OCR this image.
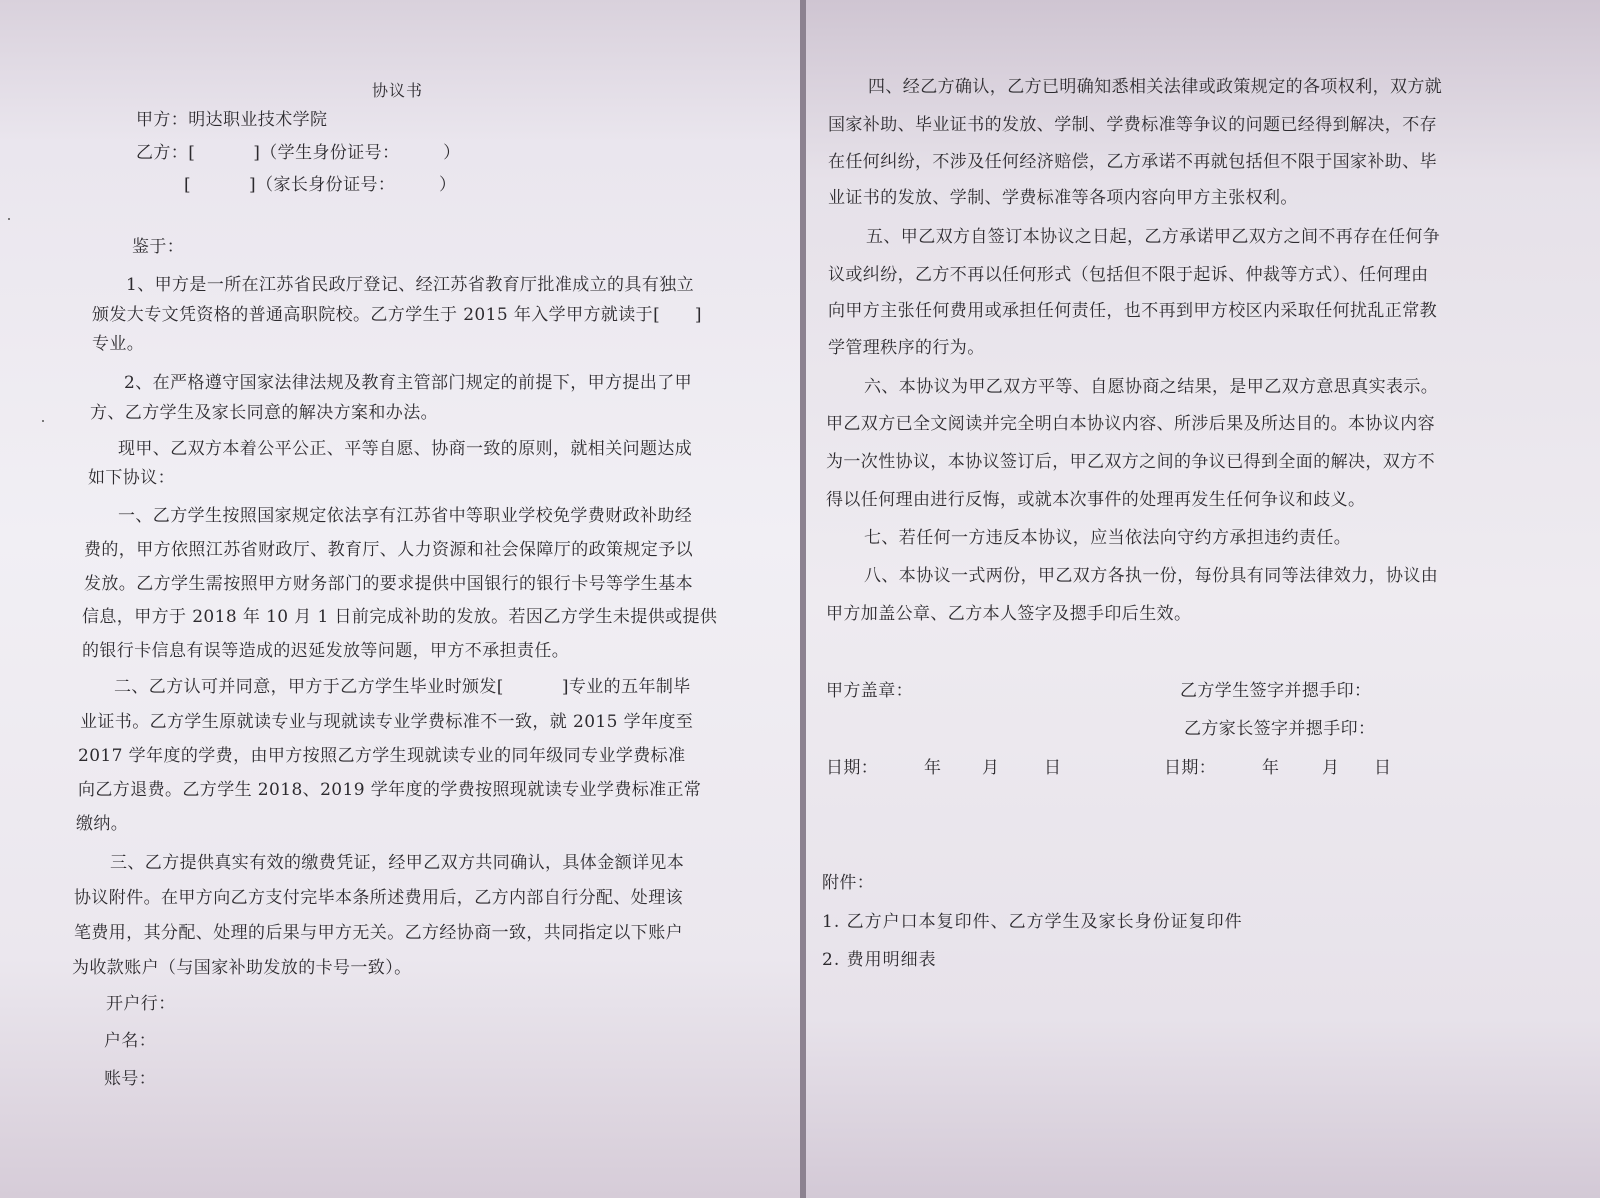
协议书
甲方：明达职业技术学院
乙方：[　　　 ]（学生身份证号：　　　）
[　　　 ]（家长身份证号：　　　）
鉴于：
1、甲方是一所在江苏省民政厅登记、经江苏省教育厅批准成立的具有独立
颁发大专文凭资格的普通高职院校。乙方学生于 2015 年入学甲方就读于[　　]
专业。
2、在严格遵守国家法律法规及教育主管部门规定的前提下，甲方提出了甲
方、乙方学生及家长同意的解决方案和办法。
现甲、乙双方本着公平公正、平等自愿、协商一致的原则，就相关问题达成
如下协议：
一、乙方学生按照国家规定依法享有江苏省中等职业学校免学费财政补助经
费的，甲方依照江苏省财政厅、教育厅、人力资源和社会保障厅的政策规定予以
发放。乙方学生需按照甲方财务部门的要求提供中国银行的银行卡号等学生基本
信息，甲方于 2018 年 10 月 1 日前完成补助的发放。若因乙方学生未提供或提供
的银行卡信息有误等造成的迟延发放等问题，甲方不承担责任。
二、乙方认可并同意，甲方于乙方学生毕业时颁发[　　　 ]专业的五年制毕
业证书。乙方学生原就读专业与现就读专业学费标准不一致，就 2015 学年度至
2017 学年度的学费，由甲方按照乙方学生现就读专业的同年级同专业学费标准
向乙方退费。乙方学生 2018、2019 学年度的学费按照现就读专业学费标准正常
缴纳。
三、乙方提供真实有效的缴费凭证，经甲乙双方共同确认，具体金额详见本
协议附件。在甲方向乙方支付完毕本条所述费用后，乙方内部自行分配、处理该
笔费用，其分配、处理的后果与甲方无关。乙方经协商一致，共同指定以下账户
为收款账户（与国家补助发放的卡号一致）。
开户行：
户名：
账号：
四、经乙方确认，乙方已明确知悉相关法律或政策规定的各项权利，双方就
国家补助、毕业证书的发放、学制、学费标准等争议的问题已经得到解决，不存
在任何纠纷，不涉及任何经济赔偿，乙方承诺不再就包括但不限于国家补助、毕
业证书的发放、学制、学费标准等各项内容向甲方主张权利。
五、甲乙双方自签订本协议之日起，乙方承诺甲乙双方之间不再存在任何争
议或纠纷，乙方不再以任何形式（包括但不限于起诉、仲裁等方式）、任何理由
向甲方主张任何费用或承担任何责任，也不再到甲方校区内采取任何扰乱正常教
学管理秩序的行为。
六、本协议为甲乙双方平等、自愿协商之结果，是甲乙双方意思真实表示。
甲乙双方已全文阅读并完全明白本协议内容、所涉后果及所达目的。本协议内容
为一次性协议，本协议签订后，甲乙双方之间的争议已得到全面的解决，双方不
得以任何理由进行反悔，或就本次事件的处理再发生任何争议和歧义。
七、若任何一方违反本协议，应当依法向守约方承担违约责任。
八、本协议一式两份，甲乙双方各执一份，每份具有同等法律效力，协议由
甲方加盖公章、乙方本人签字及摁手印后生效。
甲方盖章：	乙方学生签字并摁手印：
乙方家长签字并摁手印：
日期：	年 月	日	日期：	年	月 日
附件：
1. 乙方户口本复印件、乙方学生及家长身份证复印件
2. 费用明细表
